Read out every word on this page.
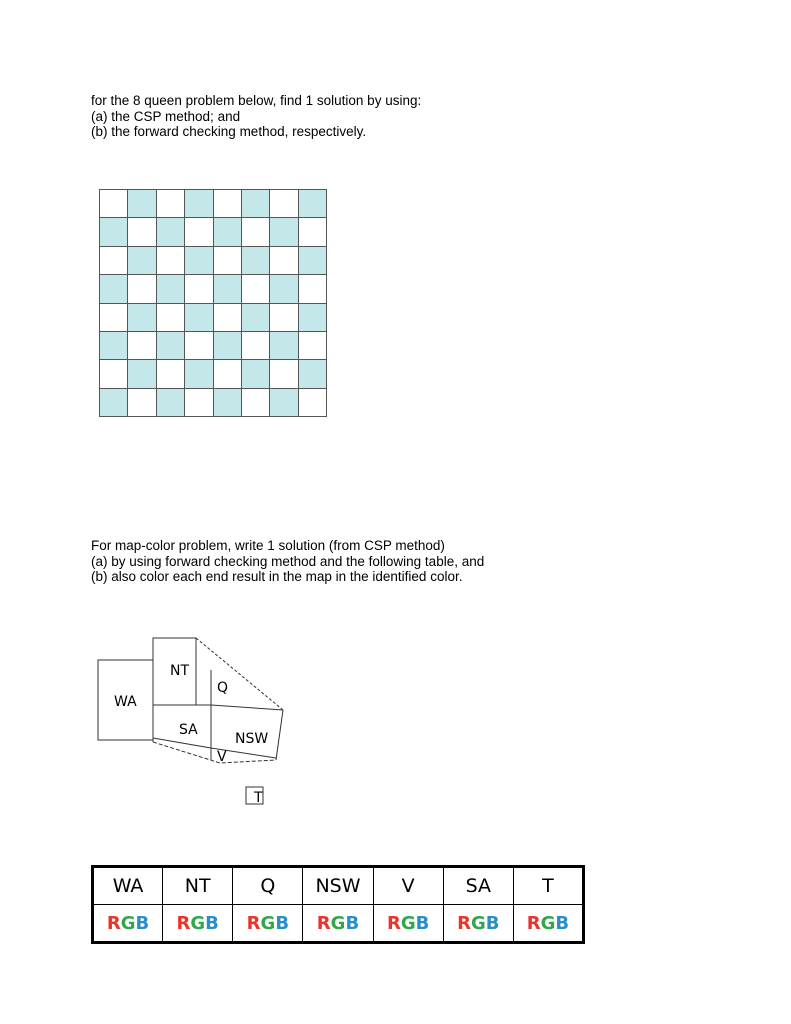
for the 8 queen problem below, find 1 solution by using:
(a) the CSP method; and
(b) the forward checking method, respectively.
For map-color problem, write 1 solution (from CSP method)
(a) by using forward checking method and the following table, and
(b) also color each end result in the map in the identified color.
WA
NT
Q
SA
NSW
V
T
WA	NT	Q	NSW	V	SA	T
RGB	RGB	RGB	RGB	RGB	RGB	RGB
